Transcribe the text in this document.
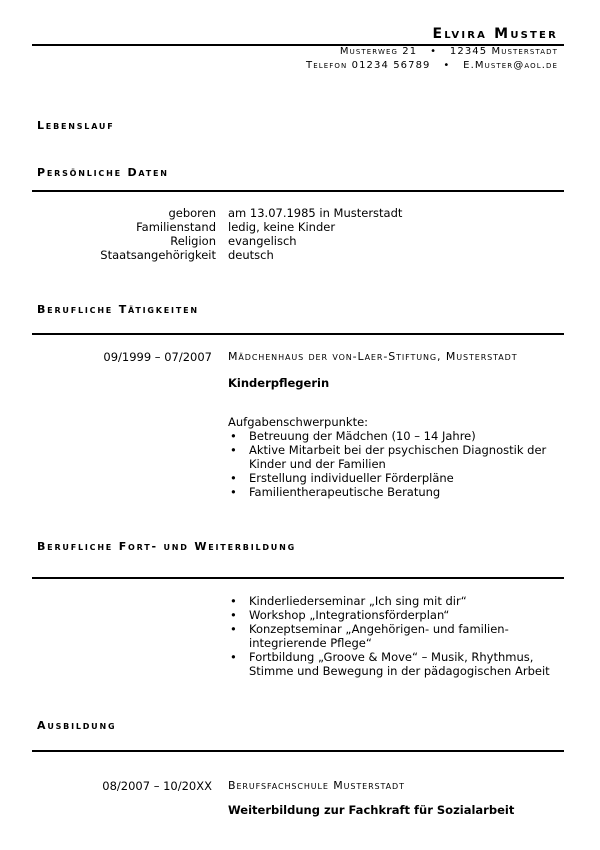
Elvira Muster
Musterweg 21   •   12345 Musterstadt
Telefon 01234 56789   •   E.Muster@aol.de
Lebenslauf
Persönliche Daten
geboren am 13.07.1985 in Musterstadt
Familienstand ledig, keine Kinder
Religion evangelisch
Staatsangehörigkeit deutsch
Berufliche Tätigkeiten
09/1999 – 07/2007 Mädchenhaus der von-Laer-Stiftung, Musterstadt
Kinderpflegerin
Aufgabenschwerpunkte:
• Betreuung der Mädchen (10 – 14 Jahre)
• Aktive Mitarbeit bei der psychischen Diagnostik der Kinder und der Familien
• Erstellung individueller Förderpläne
• Familientherapeutische Beratung
Berufliche Fort- und Weiterbildung
• Kinderliederseminar „Ich sing mit dir“
• Workshop „Integrationsförderplan“
• Konzeptseminar „Angehörigen- und familien-integrierende Pflege“
• Fortbildung „Groove & Move“ – Musik, Rhythmus, Stimme und Bewegung in der pädagogischen Arbeit
Ausbildung
08/2007 – 10/20XX Berufsfachschule Musterstadt
Weiterbildung zur Fachkraft für Sozialarbeit
